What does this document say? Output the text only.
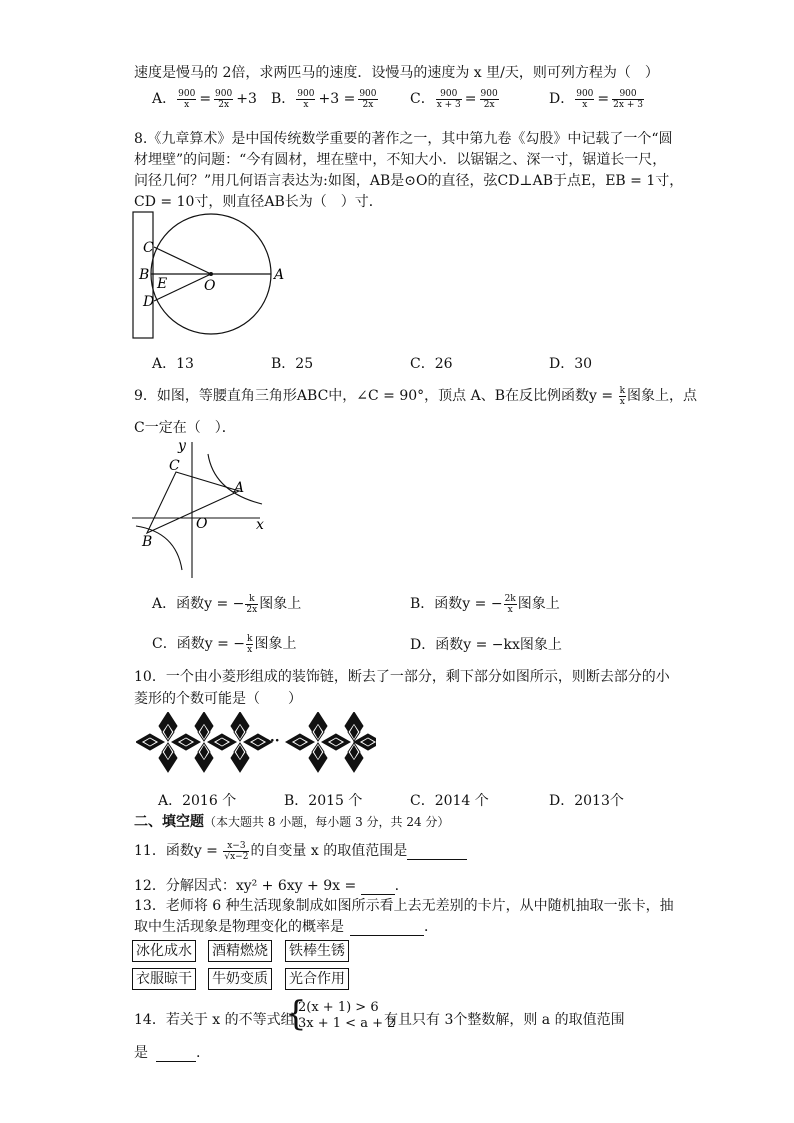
速度是慢马的 2倍，求两匹马的速度．设慢马的速度为 x 里/天，则可列方程为（　）
A． $\frac{900}{x} = \frac{900}{2x} +3$ B． $\frac{900}{x} +3 = \frac{900}{2x}$ C． $\frac{900}{x + 3} = \frac{900}{2x}$	D． $\frac{900}{x} = \frac{900}{2x + 3}$
8.《九章算术》是中国传统数学重要的著作之一，其中第九卷《勾股》中记载了一个“圆
材埋壁”的问题：“今有圆材，埋在壁中，不知大小．以锯锯之、深一寸，锯道长一尺，
问径几何？”用几何语言表达为:如图，AB是⊙O的直径，弦CD⊥AB于点E，EB = 1寸，
CD = 10寸，则直径AB长为（　）寸．
C
B
E
D
O
A
A．13	B．25	C．26	D．30
9．如图，等腰直角三角形ABC中，∠C = 90°，顶点 A、B在反比例函数$y = \frac{k}{x}$ 图象上，点
C一定在（　）．
y
x
O
A
B
C
A．函数y = − $\frac{k}{2x}$ 图象上	B．函数y = − $\frac{2k}{x}$ 图象上
C．函数y = − $\frac{k}{x}$ 图象上	D．函数y = −kx图象上
10．一个由小菱形组成的装饰链，断去了一部分，剩下部分如图所示，则断去部分的小
菱形的个数可能是（　　）
···
A．2016 个	B．2015 个	C．2014 个	D．2013个
二、填空题（本大题共 8 小题，每小题 3 分，共 24 分）
11．函数$y = \frac{x-3}{√x-2}$ 的自变量 x 的取值范围是
12．分解因式：xy² + 6xy + 9x =  .
13．老师将 6 种生活现象制成如图所示看上去无差别的卡片，从中随机抽取一张卡，抽
取中生活现象是物理变化的概率是	．
冰化成水 酒精燃烧 铁棒生锈
衣服晾干 牛奶变质 光合作用
14．若关于 x 的不等式组
{
2(x + 1) > 6
3x + 1 < a + 2
有且只有 3个整数解，则 a 的取值范围
是	.
